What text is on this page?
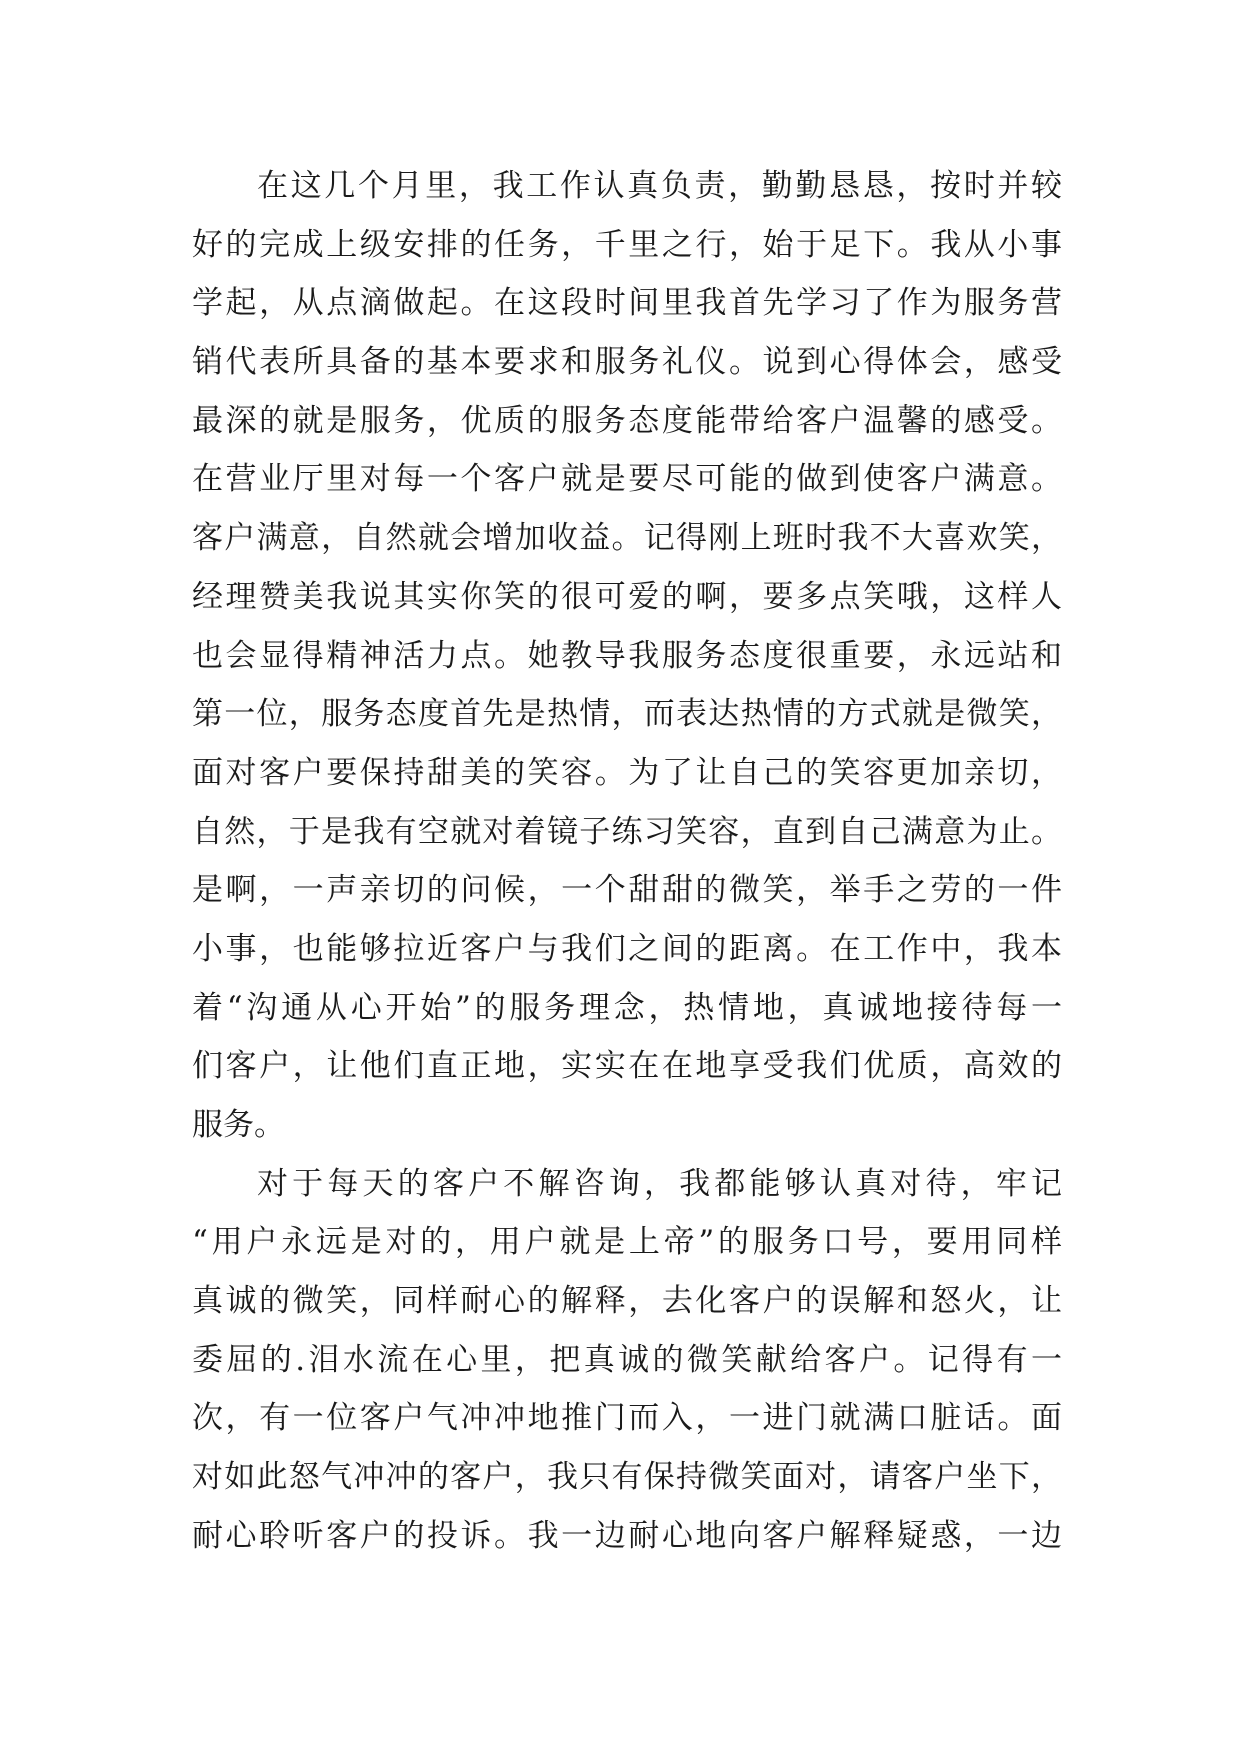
在这几个月里，我工作认真负责，勤勤恳恳，按时并较
好的完成上级安排的任务，千里之行，始于足下。我从小事
学起，从点滴做起。在这段时间里我首先学习了作为服务营
销代表所具备的基本要求和服务礼仪。说到心得体会，感受
最深的就是服务，优质的服务态度能带给客户温馨的感受。
在营业厅里对每一个客户就是要尽可能的做到使客户满意。
客户满意，自然就会增加收益。记得刚上班时我不大喜欢笑，
经理赞美我说其实你笑的很可爱的啊，要多点笑哦，这样人
也会显得精神活力点。她教导我服务态度很重要，永远站和
第一位，服务态度首先是热情，而表达热情的方式就是微笑，
面对客户要保持甜美的笑容。为了让自己的笑容更加亲切，
自然，于是我有空就对着镜子练习笑容，直到自己满意为止。
是啊，一声亲切的问候，一个甜甜的微笑，举手之劳的一件
小事，也能够拉近客户与我们之间的距离。在工作中，我本
着“沟通从心开始”的服务理念，热情地，真诚地接待每一
们客户，让他们直正地，实实在在地享受我们优质，高效的
服务。
对于每天的客户不解咨询，我都能够认真对待，牢记
“用户永远是对的，用户就是上帝”的服务口号，要用同样
真诚的微笑，同样耐心的解释，去化客户的误解和怒火，让
委屈的.泪水流在心里，把真诚的微笑献给客户。记得有一
次，有一位客户气冲冲地推门而入，一进门就满口脏话。面
对如此怒气冲冲的客户，我只有保持微笑面对，请客户坐下，
耐心聆听客户的投诉。我一边耐心地向客户解释疑惑，一边
